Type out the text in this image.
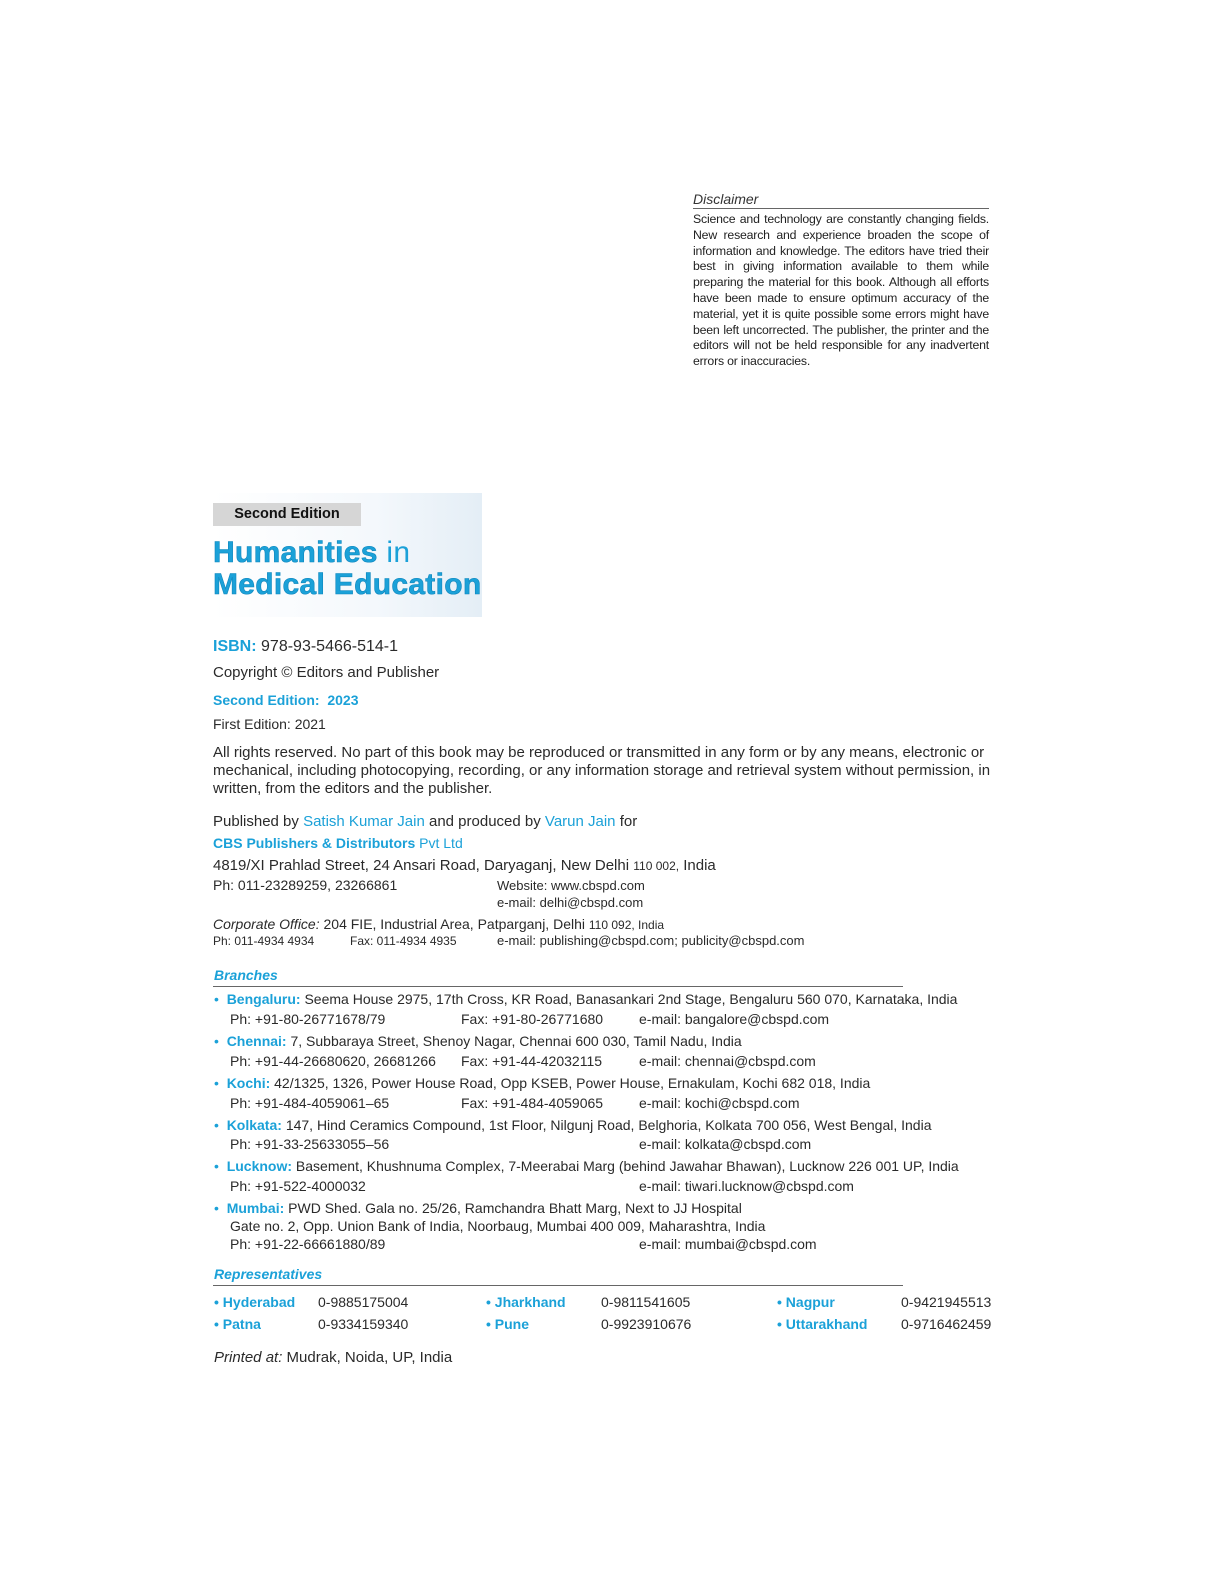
Disclaimer
Science and technology are constantly changing fields. New research and experience broaden the scope of information and knowledge. The editors have tried their best in giving information available to them while preparing the material for this book. Although all efforts have been made to ensure optimum accuracy of the material, yet it is quite possible some errors might have been left uncorrected. The publisher, the printer and the editors will not be held responsible for any inadvertent errors or inaccuracies.
Second Edition
Humanities in
Medical Education
ISBN: 978-93-5466-514-1
Copyright © Editors and Publisher
Second Edition: 2023
First Edition: 2021
All rights reserved. No part of this book may be reproduced or transmitted in any form or by any means, electronic or mechanical, including photocopying, recording, or any information storage and retrieval system without permission, in written, from the editors and the publisher.
Published by Satish Kumar Jain and produced by Varun Jain for
CBS Publishers & Distributors Pvt Ltd
4819/XI Prahlad Street, 24 Ansari Road, Daryaganj, New Delhi 110 002, India
Ph: 011-23289259, 23266861	Website: www.cbspd.com
e-mail: delhi@cbspd.com
Corporate Office: 204 FIE, Industrial Area, Patparganj, Delhi 110 092, India
Ph: 011-4934 4934	Fax: 011-4934 4935	e-mail: publishing@cbspd.com; publicity@cbspd.com
Branches
• Bengaluru: Seema House 2975, 17th Cross, KR Road, Banasankari 2nd Stage, Bengaluru 560 070, Karnataka, India
Ph: +91-80-26771678/79	Fax: +91-80-26771680	e-mail: bangalore@cbspd.com
• Chennai: 7, Subbaraya Street, Shenoy Nagar, Chennai 600 030, Tamil Nadu, India
Ph: +91-44-26680620, 26681266 Fax: +91-44-42032115	e-mail: chennai@cbspd.com
• Kochi: 42/1325, 1326, Power House Road, Opp KSEB, Power House, Ernakulam, Kochi 682 018, India
Ph: +91-484-4059061–65	Fax: +91-484-4059065	e-mail: kochi@cbspd.com
• Kolkata: 147, Hind Ceramics Compound, 1st Floor, Nilgunj Road, Belghoria, Kolkata 700 056, West Bengal, India
Ph: +91-33-25633055–56	e-mail: kolkata@cbspd.com
• Lucknow: Basement, Khushnuma Complex, 7-Meerabai Marg (behind Jawahar Bhawan), Lucknow 226 001 UP, India
Ph: +91-522-4000032	e-mail: tiwari.lucknow@cbspd.com
• Mumbai: PWD Shed. Gala no. 25/26, Ramchandra Bhatt Marg, Next to JJ Hospital
Gate no. 2, Opp. Union Bank of India, Noorbaug, Mumbai 400 009, Maharashtra, India
Ph: +91-22-66661880/89	e-mail: mumbai@cbspd.com
Representatives
• Hyderabad 0-9885175004	• Jharkhand	0-9811541605	• Nagpur	0-9421945513
• Patna	0-9334159340	• Pune	0-9923910676	• Uttarakhand 0-9716462459
Printed at: Mudrak, Noida, UP, India
